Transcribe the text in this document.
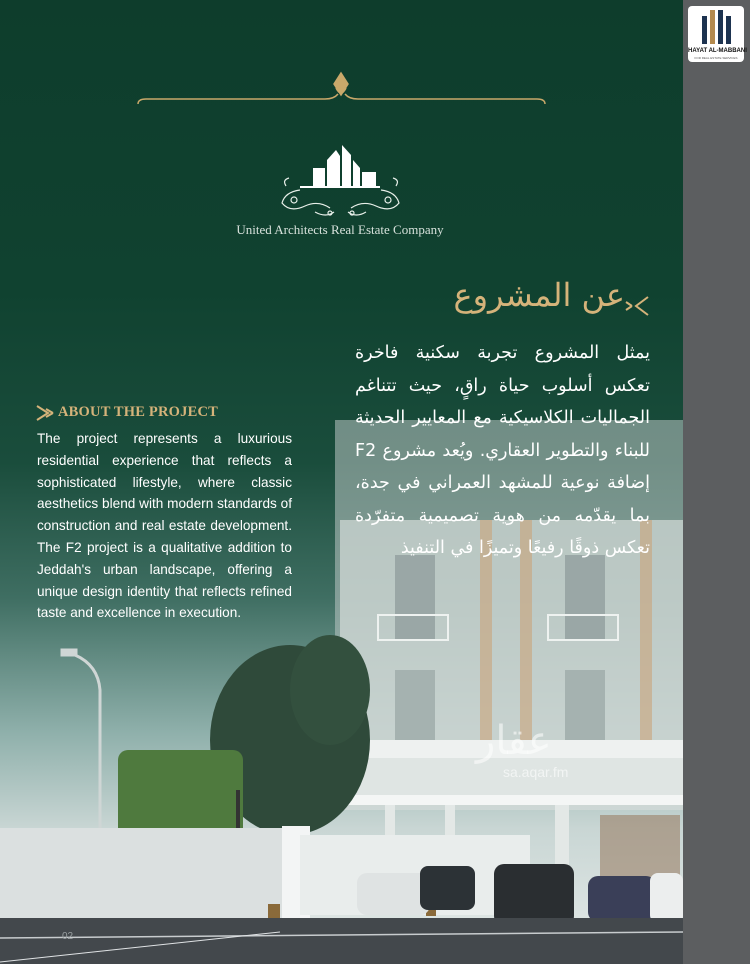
United Architects Real Estate Company
عن المشروع
يمثل المشروع تجربة سكنية فاخرة تعكس أسلوب حياة راقٍ، حيث تتناغم الجماليات الكلاسيكية مع المعايير الحديثة للبناء والتطوير العقاري. ويُعد مشروع F2 إضافة نوعية للمشهد العمراني في جدة، بما يقدّمه من هوية تصميمية متفرّدة تعكس ذوقًا رفيعًا وتميزًا في التنفيذ
ABOUT THE PROJECT
The project represents a luxurious residential experience that reflects a sophisticated lifestyle, where classic aesthetics blend with modern standards of construction and real estate development. The F2 project is a qualitative addition to Jeddah's urban landscape, offering a unique design identity that reflects refined taste and excellence in execution.
عقار
sa.aqar.fm
02
HAYAT AL-MABBANI
FOR REAL ESTATE SERVICES
